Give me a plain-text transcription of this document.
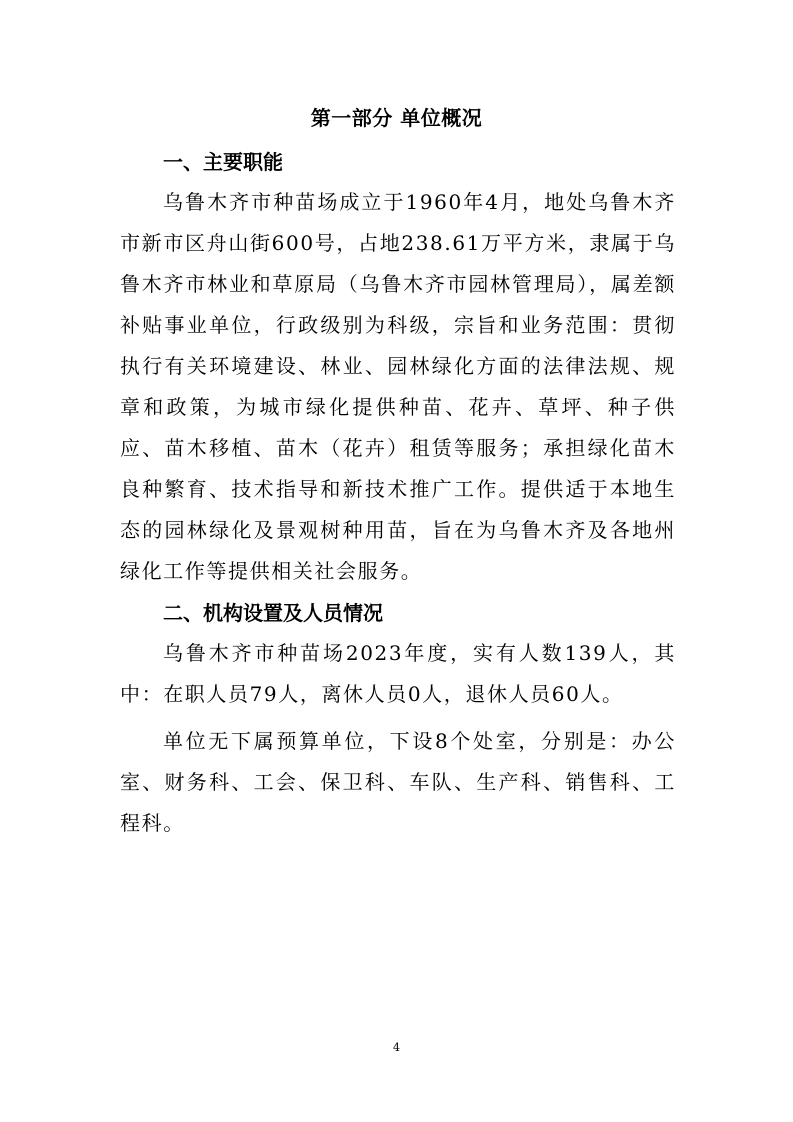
第一部分 单位概况
一、主要职能

乌鲁木齐市种苗场成立于1960年4月，地处乌鲁木齐市新市区舟山街600号，占地238.61万平方米，隶属于乌鲁木齐市林业和草原局（乌鲁木齐市园林管理局），属差额补贴事业单位，行政级别为科级，宗旨和业务范围：贯彻执行有关环境建设、林业、园林绿化方面的法律法规、规章和政策，为城市绿化提供种苗、花卉、草坪、种子供应、苗木移植、苗木（花卉）租赁等服务；承担绿化苗木良种繁育、技术指导和新技术推广工作。提供适于本地生态的园林绿化及景观树种用苗，旨在为乌鲁木齐及各地州绿化工作等提供相关社会服务。

二、机构设置及人员情况

乌鲁木齐市种苗场2023年度，实有人数139人，其中：在职人员79人，离休人员0人，退休人员60人。

单位无下属预算单位，下设8个处室，分别是：办公室、财务科、工会、保卫科、车队、生产科、销售科、工程科。

4
